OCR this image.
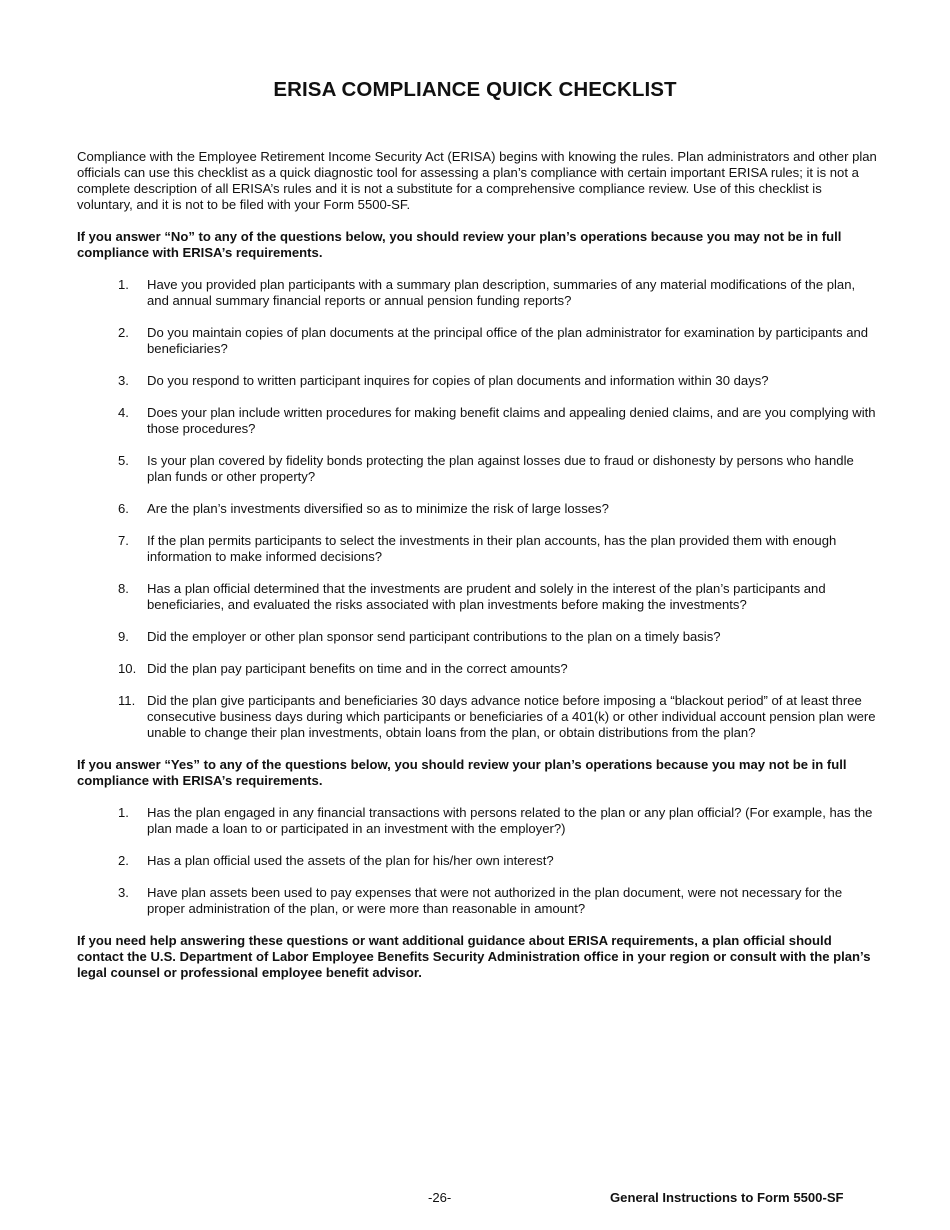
ERISA COMPLIANCE QUICK CHECKLIST

Compliance with the Employee Retirement Income Security Act (ERISA) begins with knowing the rules. Plan administrators and other plan officials can use this checklist as a quick diagnostic tool for assessing a plan’s compliance with certain important ERISA rules; it is not a complete description of all ERISA’s rules and it is not a substitute for a comprehensive compliance review. Use of this checklist is voluntary, and it is not to be filed with your Form 5500-SF.

If you answer “No” to any of the questions below, you should review your plan’s operations because you may not be in full compliance with ERISA’s requirements.

1. Have you provided plan participants with a summary plan description, summaries of any material modifications of the plan, and annual summary financial reports or annual pension funding reports?
2. Do you maintain copies of plan documents at the principal office of the plan administrator for examination by participants and beneficiaries?
3. Do you respond to written participant inquires for copies of plan documents and information within 30 days?
4. Does your plan include written procedures for making benefit claims and appealing denied claims, and are you complying with those procedures?
5. Is your plan covered by fidelity bonds protecting the plan against losses due to fraud or dishonesty by persons who handle plan funds or other property?
6. Are the plan’s investments diversified so as to minimize the risk of large losses?
7. If the plan permits participants to select the investments in their plan accounts, has the plan provided them with enough information to make informed decisions?
8. Has a plan official determined that the investments are prudent and solely in the interest of the plan’s participants and beneficiaries, and evaluated the risks associated with plan investments before making the investments?
9. Did the employer or other plan sponsor send participant contributions to the plan on a timely basis?
10. Did the plan pay participant benefits on time and in the correct amounts?
11. Did the plan give participants and beneficiaries 30 days advance notice before imposing a “blackout period” of at least three consecutive business days during which participants or beneficiaries of a 401(k) or other individual account pension plan were unable to change their plan investments, obtain loans from the plan, or obtain distributions from the plan?

If you answer “Yes” to any of the questions below, you should review your plan’s operations because you may not be in full compliance with ERISA’s requirements.

1. Has the plan engaged in any financial transactions with persons related to the plan or any plan official? (For example, has the plan made a loan to or participated in an investment with the employer?)
2. Has a plan official used the assets of the plan for his/her own interest?
3. Have plan assets been used to pay expenses that were not authorized in the plan document, were not necessary for the proper administration of the plan, or were more than reasonable in amount?

If you need help answering these questions or want additional guidance about ERISA requirements, a plan official should contact the U.S. Department of Labor Employee Benefits Security Administration office in your region or consult with the plan’s legal counsel or professional employee benefit advisor.

-26-	General Instructions to Form 5500-SF
